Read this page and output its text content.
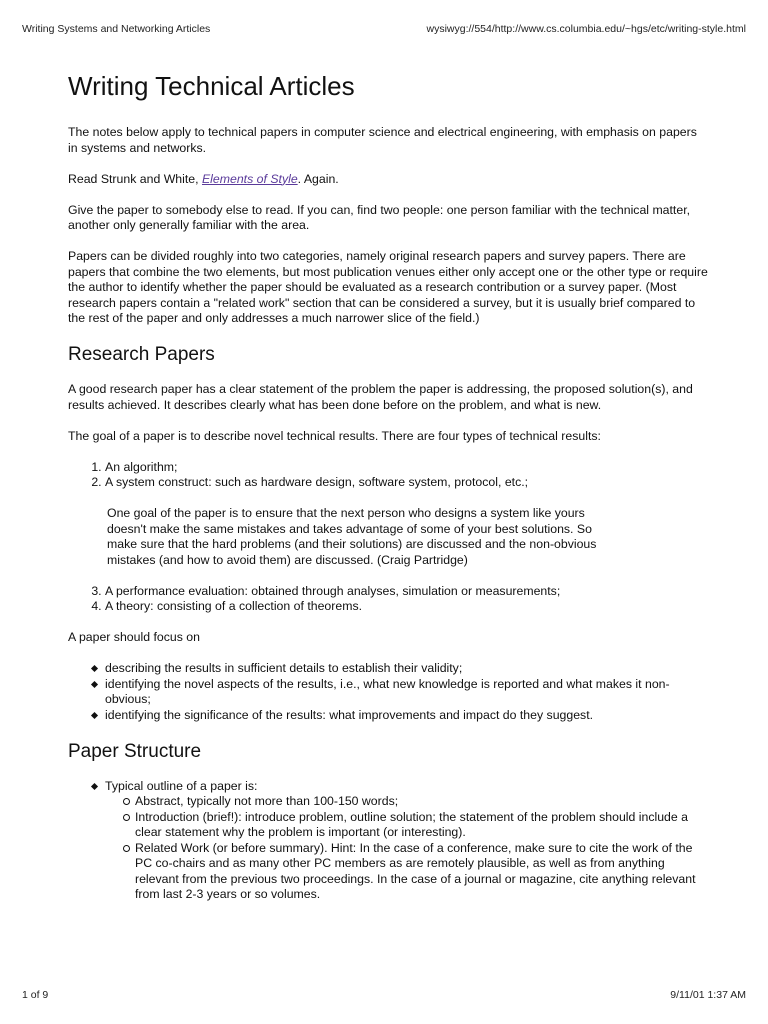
Writing Systems and Networking Articles	wysiwyg://554/http://www.cs.columbia.edu/~hgs/etc/writing-style.html
Writing Technical Articles

The notes below apply to technical papers in computer science and electrical engineering, with emphasis on papers in systems and networks.

Read Strunk and White, Elements of Style. Again.

Give the paper to somebody else to read. If you can, find two people: one person familiar with the technical matter, another only generally familiar with the area.

Papers can be divided roughly into two categories, namely original research papers and survey papers. There are papers that combine the two elements, but most publication venues either only accept one or the other type or require the author to identify whether the paper should be evaluated as a research contribution or a survey paper. (Most research papers contain a "related work" section that can be considered a survey, but it is usually brief compared to the rest of the paper and only addresses a much narrower slice of the field.)

Research Papers

A good research paper has a clear statement of the problem the paper is addressing, the proposed solution(s), and results achieved. It describes clearly what has been done before on the problem, and what is new.

The goal of a paper is to describe novel technical results. There are four types of technical results:

1. An algorithm;
2. A system construct: such as hardware design, software system, protocol, etc.;
One goal of the paper is to ensure that the next person who designs a system like yours doesn't make the same mistakes and takes advantage of some of your best solutions. So make sure that the hard problems (and their solutions) are discussed and the non-obvious mistakes (and how to avoid them) are discussed. (Craig Partridge)
3. A performance evaluation: obtained through analyses, simulation or measurements;
4. A theory: consisting of a collection of theorems.

A paper should focus on

describing the results in sufficient details to establish their validity;
identifying the novel aspects of the results, i.e., what new knowledge is reported and what makes it non-obvious;
identifying the significance of the results: what improvements and impact do they suggest.
Paper Structure
Typical outline of a paper is:
Abstract, typically not more than 100-150 words;
Introduction (brief!): introduce problem, outline solution; the statement of the problem should include a clear statement why the problem is important (or interesting).
Related Work (or before summary). Hint: In the case of a conference, make sure to cite the work of the PC co-chairs and as many other PC members as are remotely plausible, as well as from anything relevant from the previous two proceedings. In the case of a journal or magazine, cite anything relevant from last 2-3 years or so volumes.
1 of 9	9/11/01 1:37 AM
